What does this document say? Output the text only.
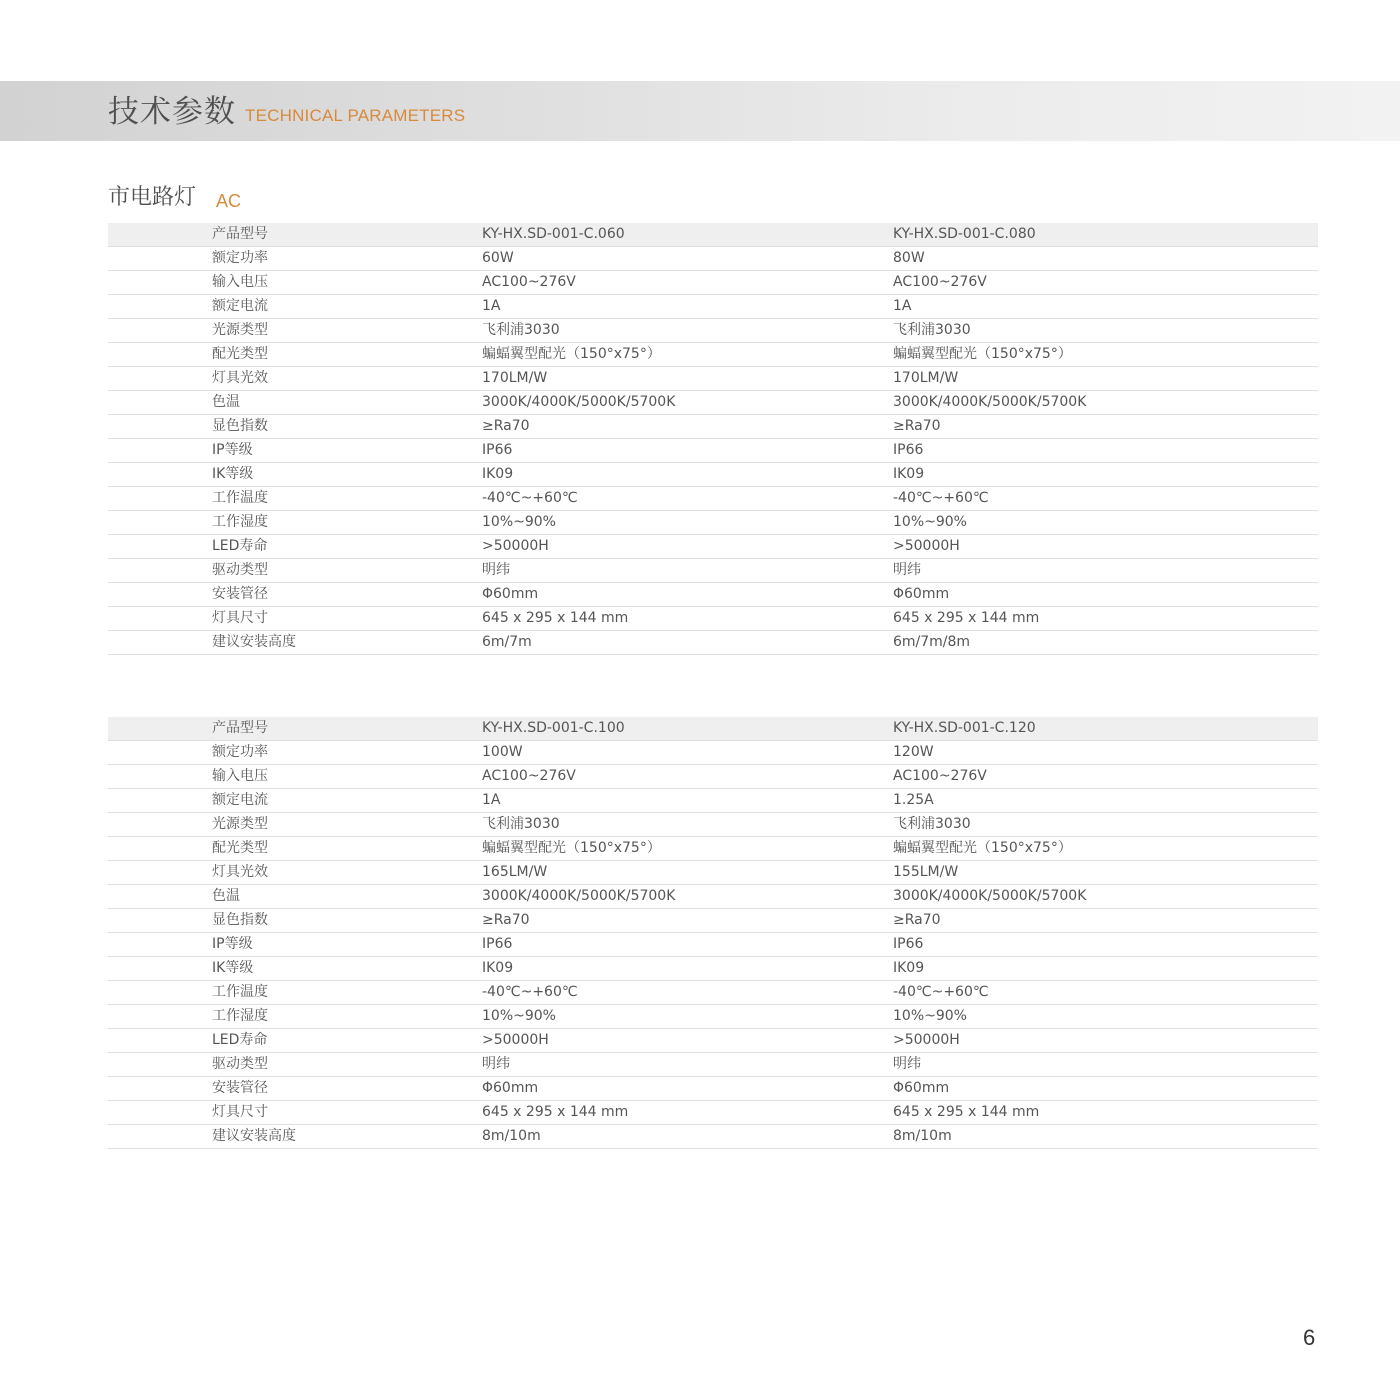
技术参数 TECHNICAL PARAMETERS
市电路灯 AC
产品型号	KY-HX.SD-001-C.060	KY-HX.SD-001-C.080
额定功率	60W	80W
输入电压	AC100~276V	AC100~276V
额定电流	1A	1A
光源类型	飞利浦3030	飞利浦3030
配光类型	蝙蝠翼型配光（150°x75°）	蝙蝠翼型配光（150°x75°）
灯具光效	170LM/W	170LM/W
色温	3000K/4000K/5000K/5700K	3000K/4000K/5000K/5700K
显色指数	≥Ra70	≥Ra70
IP等级	IP66	IP66
IK等级	IK09	IK09
工作温度	-40℃~+60℃	-40℃~+60℃
工作湿度	10%~90%	10%~90%
LED寿命	>50000H	>50000H
驱动类型	明纬	明纬
安装管径	Φ60mm	Φ60mm
灯具尺寸	645 x 295 x 144 mm	645 x 295 x 144 mm
建议安装高度	6m/7m	6m/7m/8m
产品型号	KY-HX.SD-001-C.100	KY-HX.SD-001-C.120
额定功率	100W	120W
输入电压	AC100~276V	AC100~276V
额定电流	1A	1.25A
光源类型	飞利浦3030	飞利浦3030
配光类型	蝙蝠翼型配光（150°x75°）	蝙蝠翼型配光（150°x75°）
灯具光效	165LM/W	155LM/W
色温	3000K/4000K/5000K/5700K	3000K/4000K/5000K/5700K
显色指数	≥Ra70	≥Ra70
IP等级	IP66	IP66
IK等级	IK09	IK09
工作温度	-40℃~+60℃	-40℃~+60℃
工作湿度	10%~90%	10%~90%
LED寿命	>50000H	>50000H
驱动类型	明纬	明纬
安装管径	Φ60mm	Φ60mm
灯具尺寸	645 x 295 x 144 mm	645 x 295 x 144 mm
建议安装高度	8m/10m	8m/10m
6
